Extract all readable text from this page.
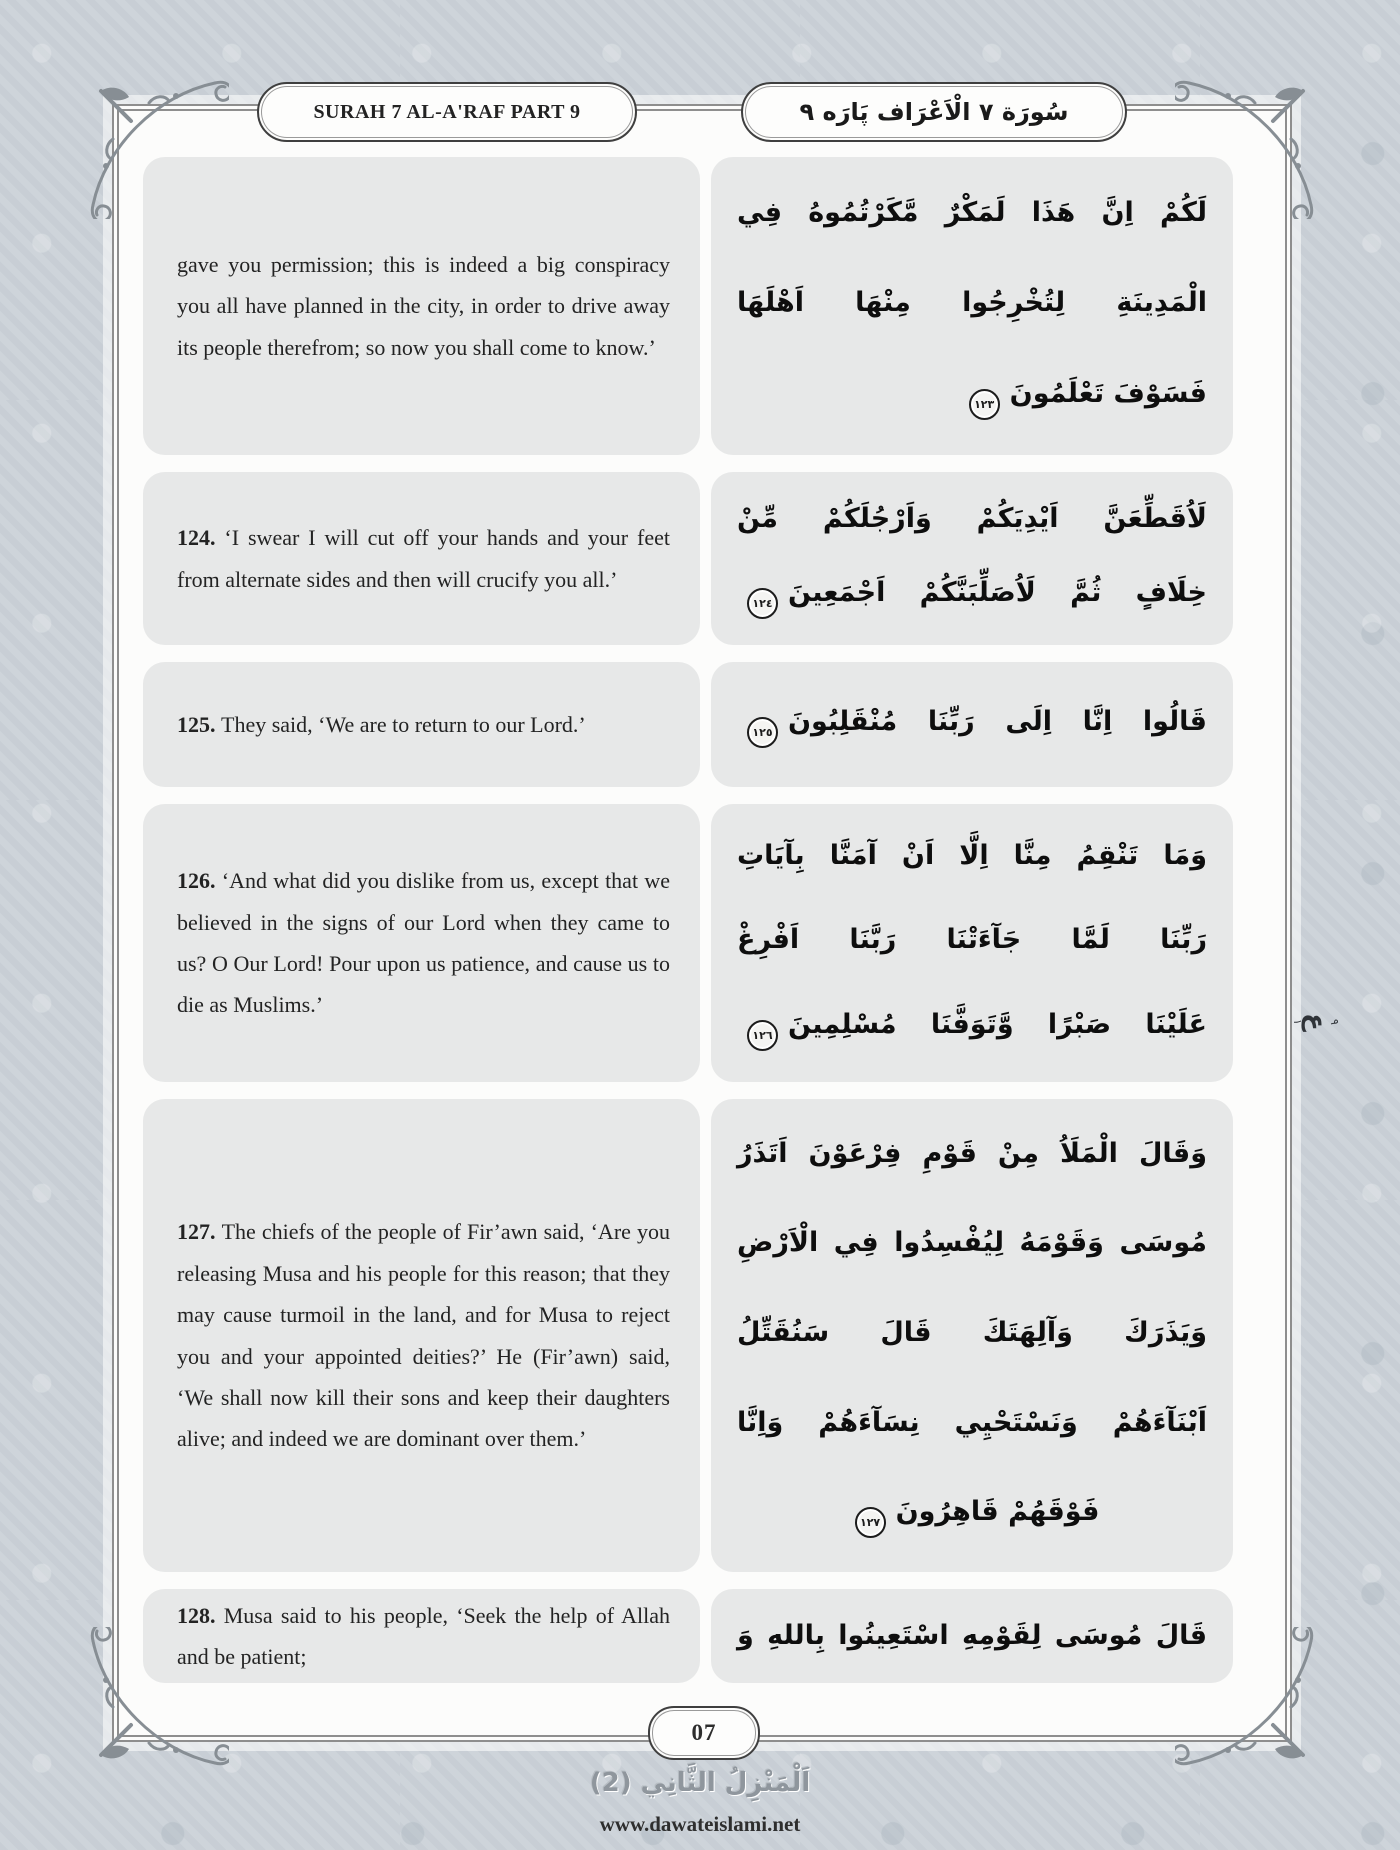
SURAH 7 AL-A'RAF PART 9	سُورَة ٧ الْاَعْرَاف پَارَه ٩

gave you permission; this is indeed a big conspiracy you all have planned in the city, in order to drive away its people therefrom; so now you shall come to know.’

لَكُمْ اِنَّ هَذَا لَمَكْرٌ مَّكَرْتُمُوهُ فِي
الْمَدِينَةِ لِتُخْرِجُوا مِنْهَا اَهْلَهَا
فَسَوْفَ تَعْلَمُونَ١٢٣

124. ‘I swear I will cut off your hands and your feet from alternate sides and then will crucify you all.’

لَاُقَطِّعَنَّ اَيْدِيَكُمْ وَاَرْجُلَكُمْ مِّنْ
خِلَافٍ ثُمَّ لَاُصَلِّبَنَّكُمْ اَجْمَعِينَ١٢٤

125. They said, ‘We are to return to our Lord.’	قَالُوا اِنَّا اِلَى رَبِّنَا مُنْقَلِبُونَ١٢٥

126. ‘And what did you dislike from us, except that we believed in the signs of our Lord when they came to us? O Our Lord! Pour upon us patience, and cause us to die as Muslims.’

وَمَا تَنْقِمُ مِنَّا اِلَّا اَنْ آمَنَّا بِآيَاتِ
رَبِّنَا لَمَّا جَآءَتْنَا رَبَّنَا اَفْرِغْ
عَلَيْنَا صَبْرًا وَّتَوَفَّنَا مُسْلِمِينَ١٢٦

127. The chiefs of the people of Fir’awn said, ‘Are you releasing Musa and his people for this reason; that they may cause turmoil in the land, and for Musa to reject you and your appointed deities?’ He (Fir’awn) said, ‘We shall now kill their sons and keep their daughters alive; and indeed we are dominant over them.’

وَقَالَ الْمَلَاُ مِنْ قَوْمِ فِرْعَوْنَ اَتَذَرُ
مُوسَى وَقَوْمَهُ لِيُفْسِدُوا فِي الْاَرْضِ
وَيَذَرَكَ وَآلِهَتَكَ قَالَ سَنُقَتِّلُ
اَبْنَآءَهُمْ وَنَسْتَحْيِي نِسَآءَهُمْ وَاِنَّا
فَوْقَهُمْ قَاهِرُونَ١٢٧

128. Musa said to his people, ‘Seek the help of Allah and be patient;

قَالَ مُوسَى لِقَوْمِهِ اسْتَعِينُوا بِاللهِ وَ
07
٩
ع
١
اَلْمَنْزِلُ الثَّانِي (2)
www.dawateislami.net
